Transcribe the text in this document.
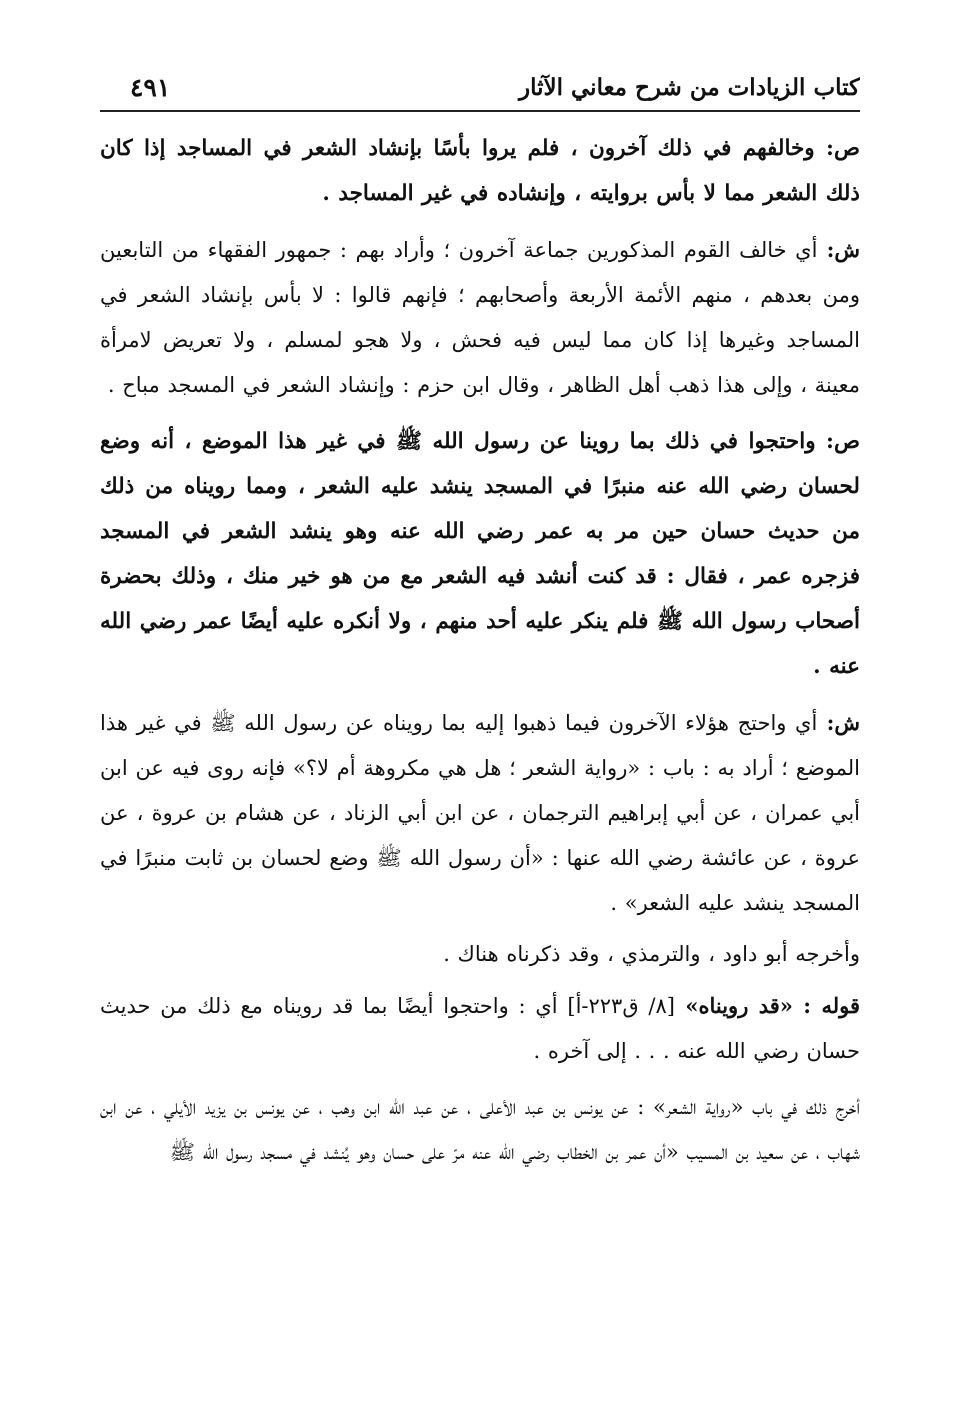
كتاب الزيادات من شرح معاني الآثار
٤٩١

ص: وخالفهم في ذلك آخرون ، فلم يروا بأسًا بإنشاد الشعر في المساجد إذا كان ذلك الشعر مما لا بأس بروايته ، وإنشاده في غير المساجد .

ش: أي خالف القوم المذكورين جماعة آخرون ؛ وأراد بهم : جمهور الفقهاء من التابعين ومن بعدهم ، منهم الأئمة الأربعة وأصحابهم ؛ فإنهم قالوا : لا بأس بإنشاد الشعر في المساجد وغيرها إذا كان مما ليس فيه فحش ، ولا هجو لمسلم ، ولا تعريض لامرأة معينة ، وإلى هذا ذهب أهل الظاهر ، وقال ابن حزم : وإنشاد الشعر في المسجد مباح .

ص: واحتجوا في ذلك بما روينا عن رسول الله ﷺ في غير هذا الموضع ، أنه وضع لحسان رضي الله عنه منبرًا في المسجد ينشد عليه الشعر ، ومما رويناه من ذلك من حديث حسان حين مر به عمر رضي الله عنه وهو ينشد الشعر في المسجد فزجره عمر ، فقال : قد كنت أنشد فيه الشعر مع من هو خير منك ، وذلك بحضرة أصحاب رسول الله ﷺ فلم ينكر عليه أحد منهم ، ولا أنكره عليه أيضًا عمر رضي الله عنه .

ش: أي واحتج هؤلاء الآخرون فيما ذهبوا إليه بما رويناه عن رسول الله ﷺ في غير هذا الموضع ؛ أراد به : باب : «رواية الشعر ؛ هل هي مكروهة أم لا؟» فإنه روى فيه عن ابن أبي عمران ، عن أبي إبراهيم الترجمان ، عن ابن أبي الزناد ، عن هشام بن عروة ، عن عروة ، عن عائشة رضي الله عنها : «أن رسول الله ﷺ وضع لحسان بن ثابت منبرًا في المسجد ينشد عليه الشعر» .

وأخرجه أبو داود ، والترمذي ، وقد ذكرناه هناك .

قوله : «قد رويناه» [٨/ ق٢٢٣-أ] أي : واحتجوا أيضًا بما قد رويناه مع ذلك من حديث حسان رضي الله عنه . . . إلى آخره .

أخرج ذلك في باب «رواية الشعر» : عن يونس بن عبد الأعلى ، عن عبد الله ابن وهب ، عن يونس بن يزيد الأيلي ، عن ابن شهاب ، عن سعيد بن المسيب «أن عمر بن الخطاب رضي الله عنه مرّ على حسان وهو يُنشد في مسجد رسول الله ﷺ
